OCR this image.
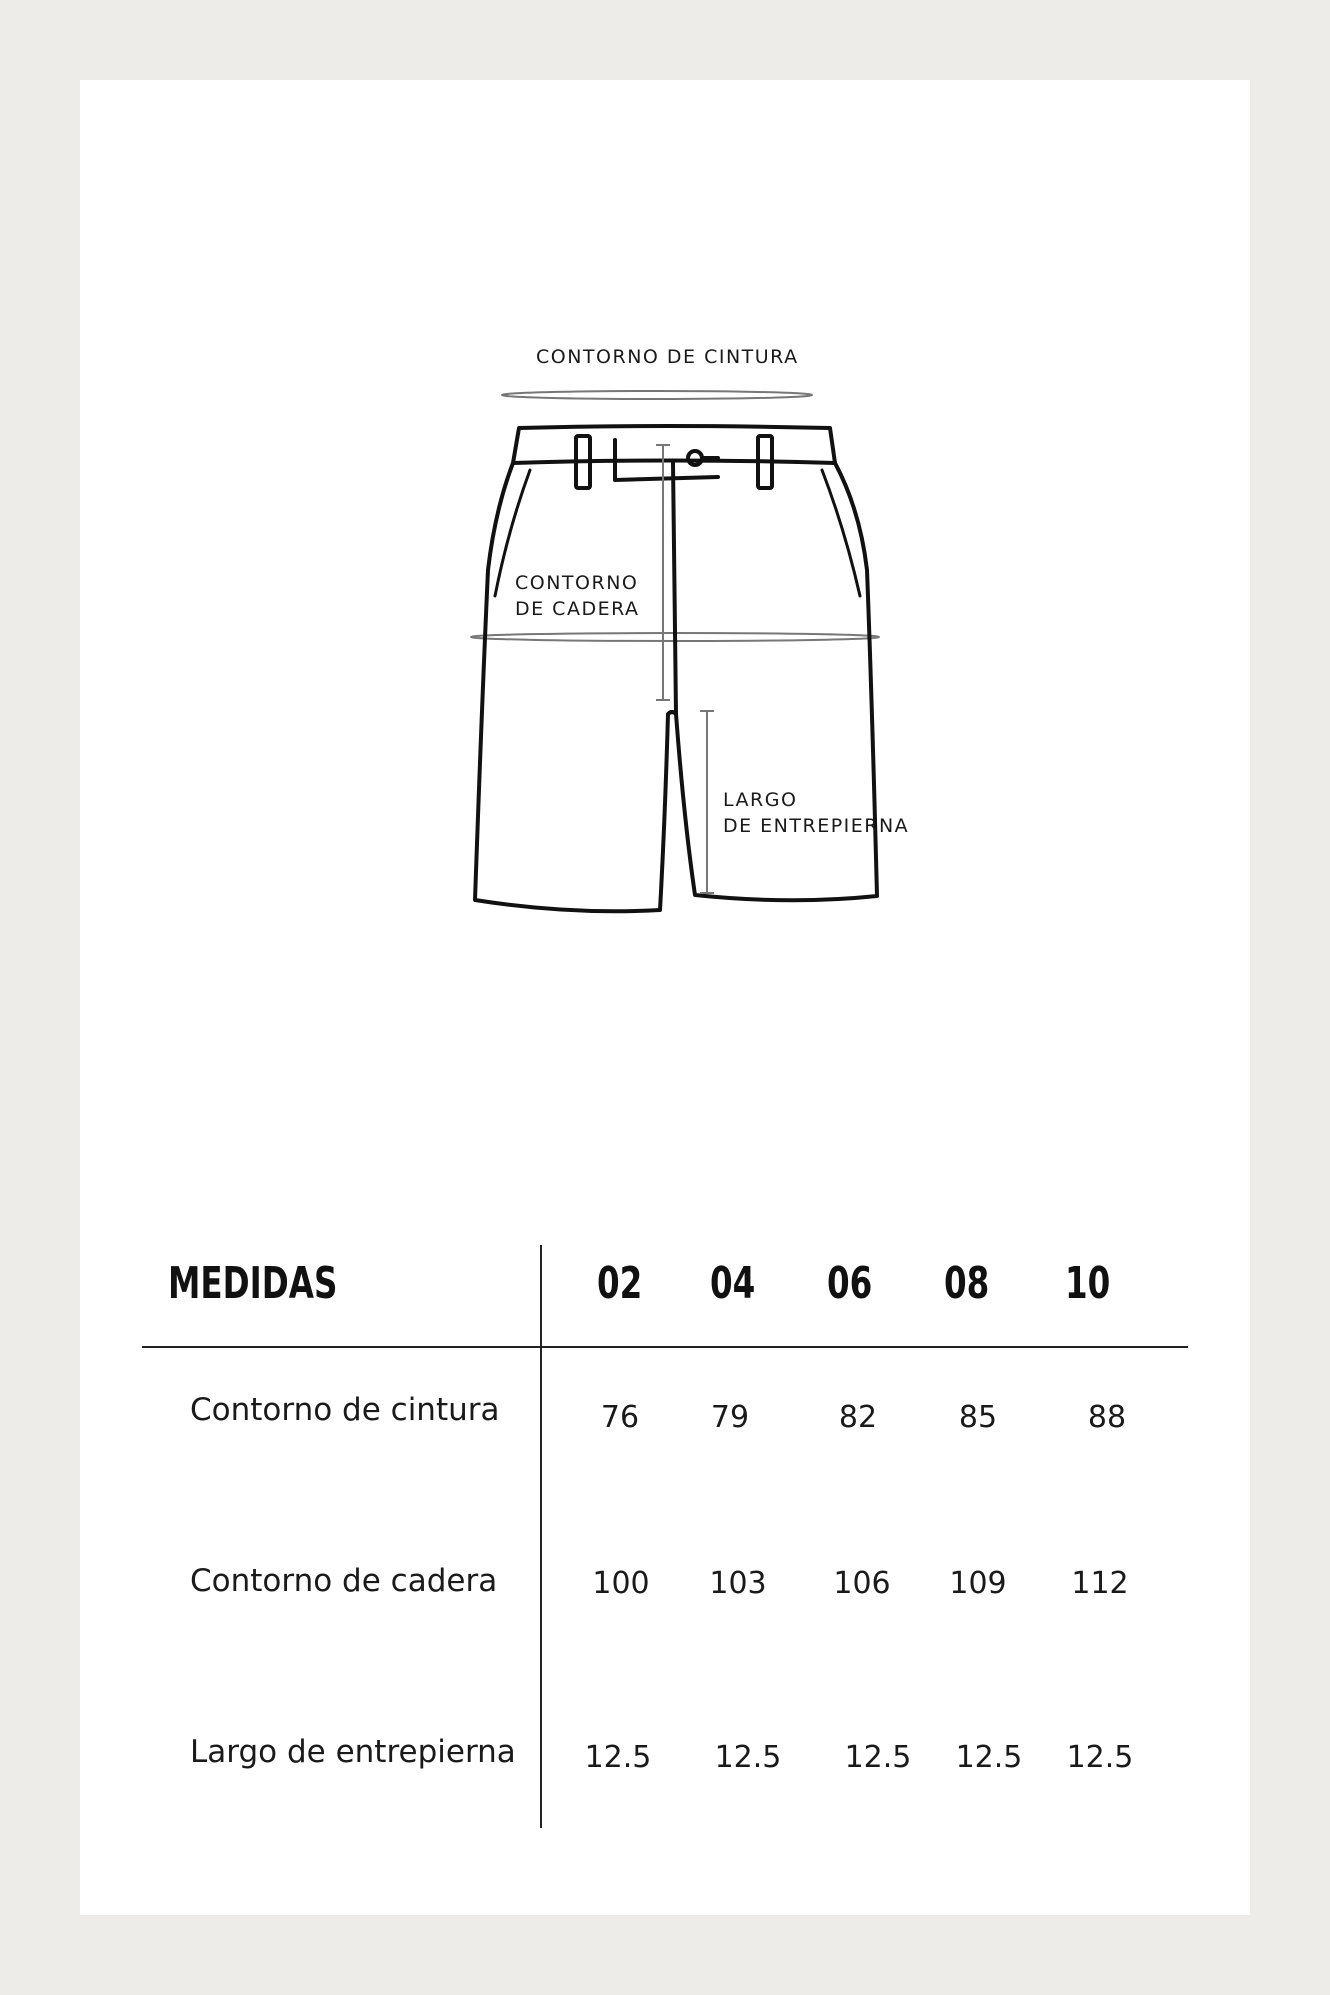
CONTORNO DE CINTURA
CONTORNO
DE CADERA
LARGO
DE ENTREPIERNA
MEDIDAS	02	04	06	08	10
Contorno de cintura	76	79	82	85	88
Contorno de cadera	100	103	106	109	112
Largo de entrepierna	12.5	12.5	12.5	12.5	12.5
